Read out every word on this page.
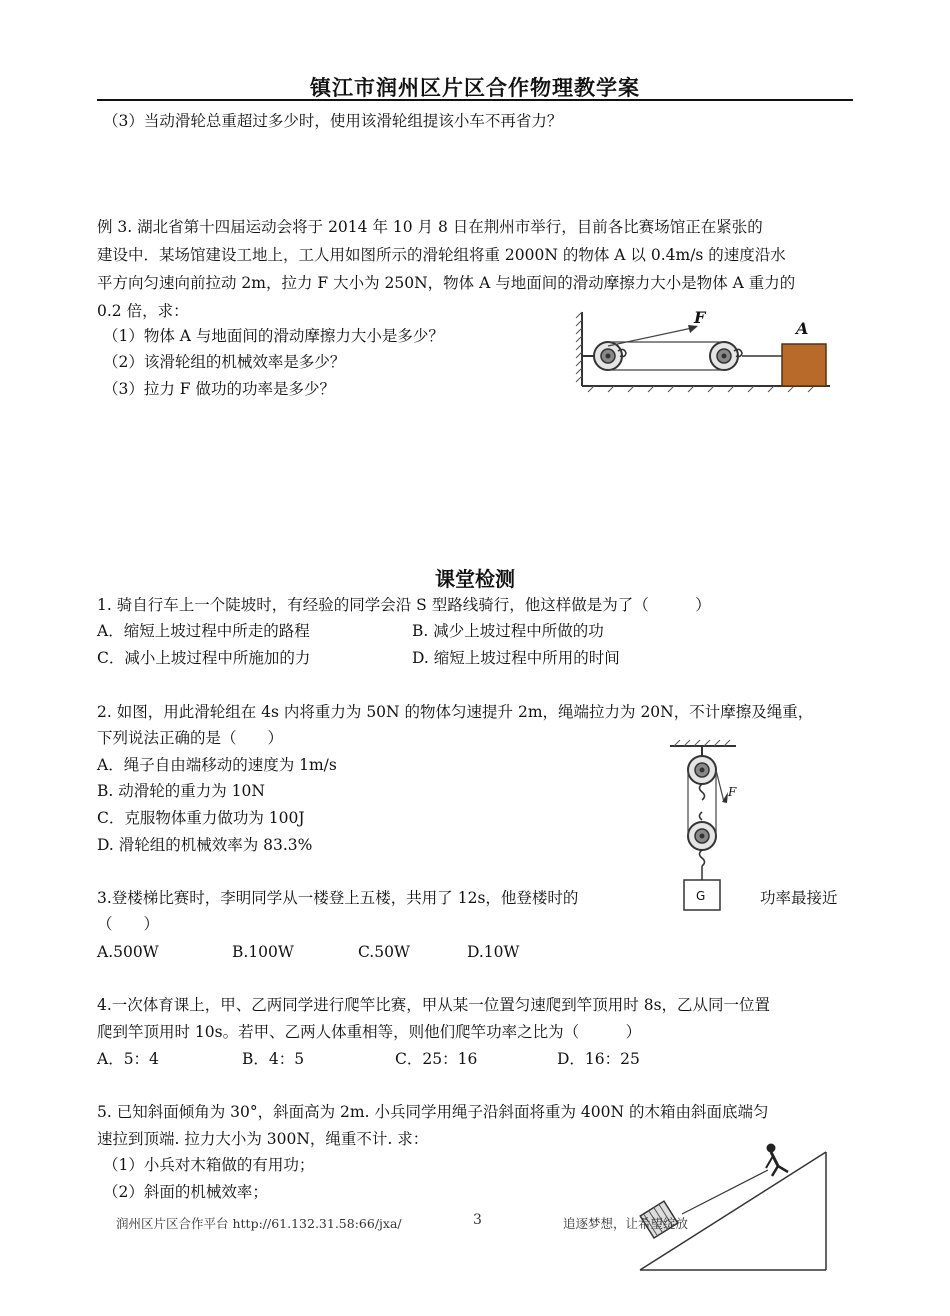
镇江市润州区片区合作物理教学案
（3）当动滑轮总重超过多少时，使用该滑轮组提该小车不再省力？
例 3. 湖北省第十四届运动会将于 2014 年 10 月 8 日在荆州市举行，目前各比赛场馆正在紧张的
建设中．某场馆建设工地上，工人用如图所示的滑轮组将重 2000N 的物体 A 以 0.4m/s 的速度沿水
平方向匀速向前拉动 2m，拉力 F 大小为 250N，物体 A 与地面间的滑动摩擦力大小是物体 A 重力的
0.2 倍，求：
（1）物体 A 与地面间的滑动摩擦力大小是多少？
（2）该滑轮组的机械效率是多少？
（3）拉力 F 做功的功率是多少？
F
A
课堂检测
1. 骑自行车上一个陡坡时，有经验的同学会沿 S 型路线骑行，他这样做是为了（　　　）
A．缩短上坡过程中所走的路程	B. 减少上坡过程中所做的功
C．减小上坡过程中所施加的力	D. 缩短上坡过程中所用的时间
2. 如图，用此滑轮组在 4s 内将重力为 50N 的物体匀速提升 2m，绳端拉力为 20N，不计摩擦及绳重，
下列说法正确的是（　　）
A．绳子自由端移动的速度为 1m/s
B. 动滑轮的重力为 10N
C．克服物体重力做功为 100J
D. 滑轮组的机械效率为 83.3%
F
G
3.登楼梯比赛时，李明同学从一楼登上五楼，共用了 12s，他登楼时的	功率最接近
（　　）
A.500W	B.100W	C.50W	D.10W
4.一次体育课上，甲、乙两同学进行爬竿比赛，甲从某一位置匀速爬到竿顶用时 8s，乙从同一位置
爬到竿顶用时 10s。若甲、乙两人体重相等，则他们爬竿功率之比为（　　　）
A．5：4	B．4：5	C．25：16	D．16：25
5. 已知斜面倾角为 30°，斜面高为 2m. 小兵同学用绳子沿斜面将重为 400N 的木箱由斜面底端匀
速拉到顶端. 拉力大小为 300N，绳重不计. 求：
（1）小兵对木箱做的有用功；
（2）斜面的机械效率；
润州区片区合作平台 http://61.132.31.58:66/jxa/	3	追逐梦想，让希望绽放
